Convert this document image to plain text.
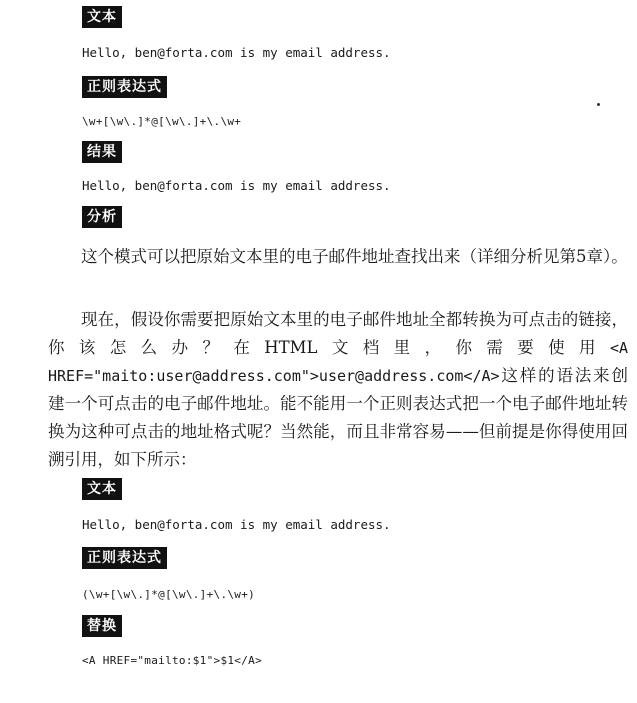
文本
Hello, ben@forta.com is my email address.
正则表达式
\w+[\w\.]*@[\w\.]+\.\w+
结果
Hello, ben@forta.com is my email address.
分析

这个模式可以把原始文本里的电子邮件地址查找出来（详细分析见第5章）。

现在，假设你需要把原始文本里的电子邮件地址全都转换为可点击的链接，你该怎么办？在HTML文档里，你需要使用<A HREF="maito:user@address.com">user@address.com</A>这样的语法来创建一个可点击的电子邮件地址。能不能用一个正则表达式把一个电子邮件地址转换为这种可点击的地址格式呢？当然能，而且非常容易——但前提是你得使用回溯引用，如下所示：

文本
Hello, ben@forta.com is my email address.
正则表达式
(\w+[\w\.]*@[\w\.]+\.\w+)
替换
<A HREF="mailto:$1">$1</A>
